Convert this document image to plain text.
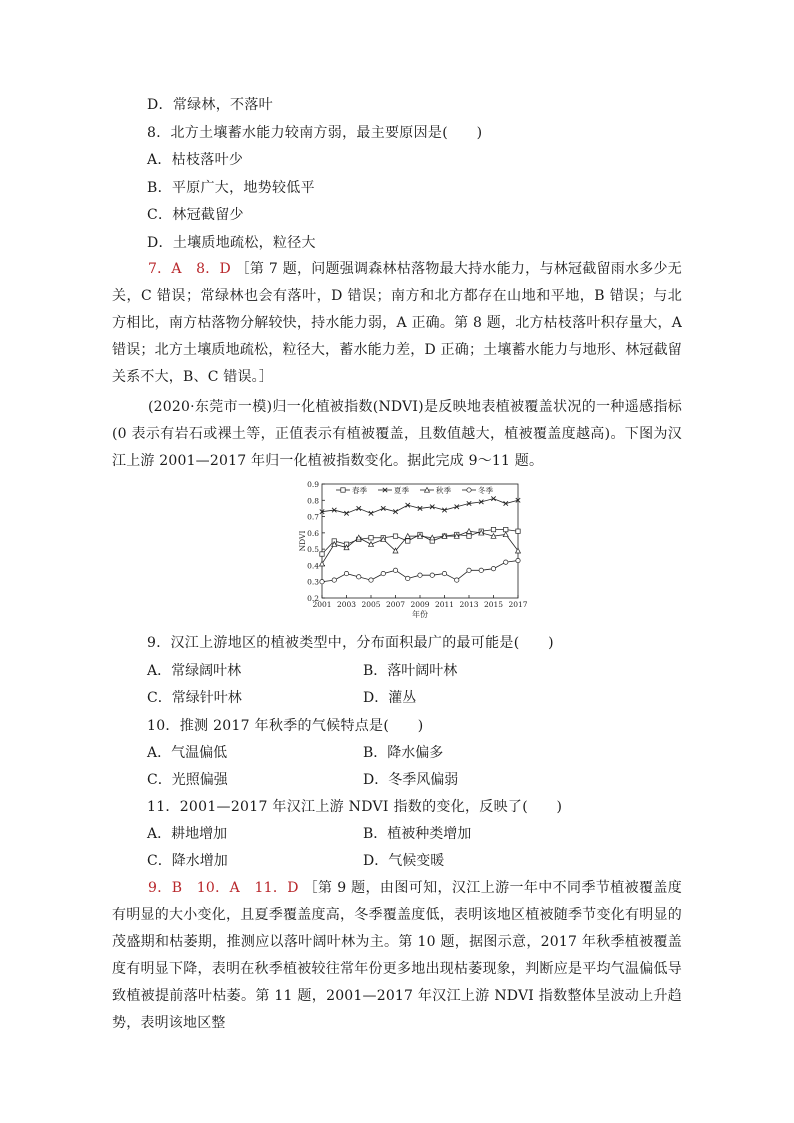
D．常绿林，不落叶
8．北方土壤蓄水能力较南方弱，最主要原因是(　　)
A．枯枝落叶少
B．平原广大，地势较低平
C．林冠截留少
D．土壤质地疏松，粒径大
7．A　8．D ［第 7 题，问题强调森林枯落物最大持水能力，与林冠截留雨水多少无关，C 错误；常绿林也会有落叶，D 错误；南方和北方都存在山地和平地，B 错误；与北方相比，南方枯落物分解较快，持水能力弱，A 正确。第 8 题，北方枯枝落叶积存量大，A 错误；北方土壤质地疏松，粒径大，蓄水能力差，D 正确；土壤蓄水能力与地形、林冠截留关系不大，B、C 错误。］
(2020·东莞市一模)归一化植被指数(NDVI)是反映地表植被覆盖状况的一种遥感指标(0 表示有岩石或裸土等，正值表示有植被覆盖，且数值越大，植被覆盖度越高)。下图为汉江上游 2001—2017 年归一化植被指数变化。据此完成 9～11 题。
0.2
0.3
0.4
0.5
0.6
0.7
0.8
0.9
2001 2003 2005 2007 2009 2011 2013 2015 2017
年份
NDVI
春季	夏季	秋季	冬季
9．汉江上游地区的植被类型中，分布面积最广的最可能是(　　)
A．常绿阔叶林	B．落叶阔叶林
C．常绿针叶林	D．灌丛
10．推测 2017 年秋季的气候特点是(　　)
A．气温偏低	B．降水偏多
C．光照偏强	D．冬季风偏弱
11．2001—2017 年汉江上游 NDVI 指数的变化，反映了(　　)
A．耕地增加	B．植被种类增加
C．降水增加	D．气候变暖
9．B　10．A　11．D ［第 9 题，由图可知，汉江上游一年中不同季节植被覆盖度有明显的大小变化，且夏季覆盖度高，冬季覆盖度低，表明该地区植被随季节变化有明显的茂盛期和枯萎期，推测应以落叶阔叶林为主。第 10 题，据图示意，2017 年秋季植被覆盖度有明显下降，表明在秋季植被较往常年份更多地出现枯萎现象，判断应是平均气温偏低导致植被提前落叶枯萎。第 11 题，2001—2017 年汉江上游 NDVI 指数整体呈波动上升趋势，表明该地区整
